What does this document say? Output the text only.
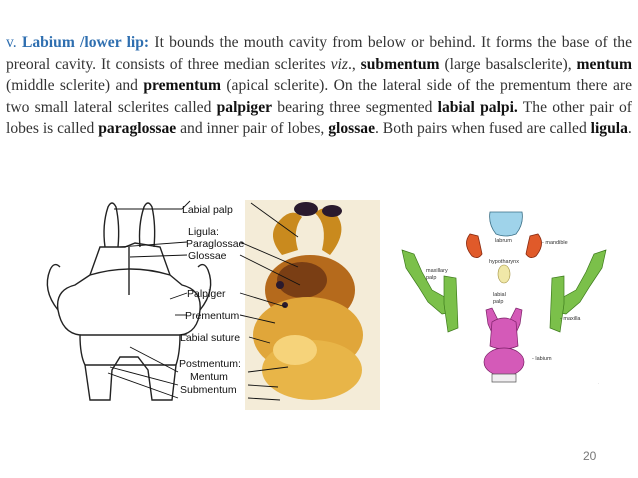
v. Labium /lower lip: It bounds the mouth cavity from below or behind. It forms the base of the preoral cavity. It consists of three median sclerites viz., submentum (large basalsclerite), mentum (middle sclerite) and prementum (apical sclerite). On the lateral side of the prementum there are two small lateral sclerites called palpiger bearing three segmented labial palpi. The other pair of lobes is called paraglossae and inner pair of lobes, glossae. Both pairs when fused are called ligula.
Labial palp
Ligula:
Paraglossae
Glossae
Palpiger
Prementum
Labial suture
Postmentum:
Mentum
Submentum
labrum	- mandible
hypotharynx
maxillary
palp
labial
palp
- maxilla
- labium
·
20
